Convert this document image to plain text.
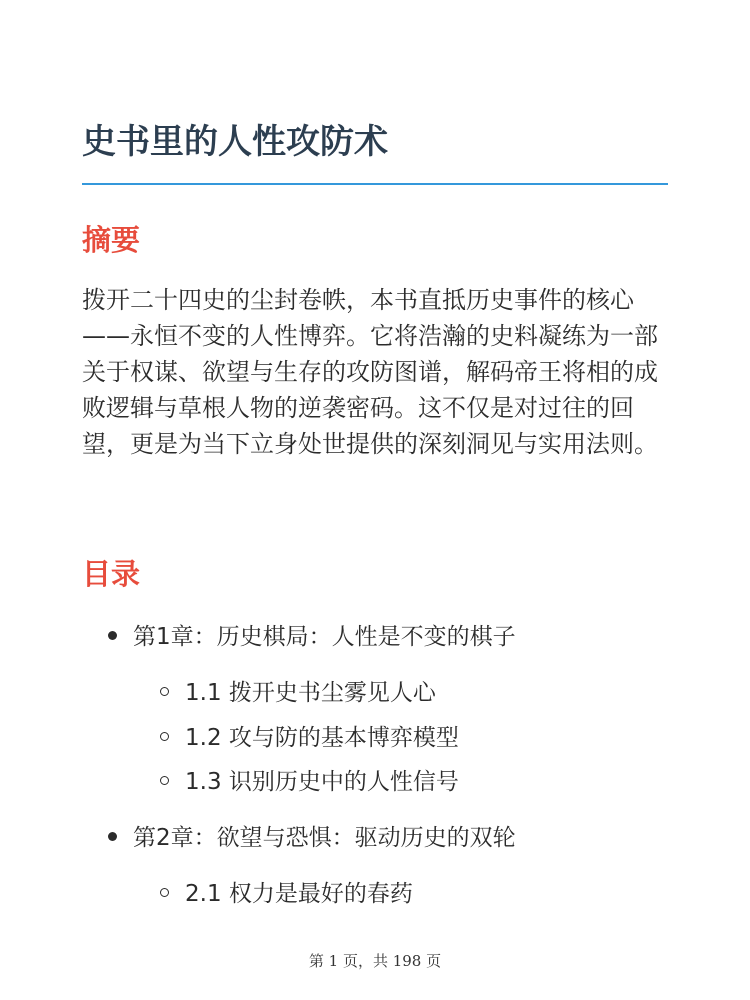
史书里的人性攻防术
摘要

拨开二十四史的尘封卷帙，本书直抵历史事件的核心——永恒不变的人性博弈。它将浩瀚的史料凝练为一部关于权谋、欲望与生存的攻防图谱，解码帝王将相的成败逻辑与草根人物的逆袭密码。这不仅是对过往的回望，更是为当下立身处世提供的深刻洞见与实用法则。

目录
第1章：历史棋局：人性是不变的棋子
1.1 拨开史书尘雾见人心
1.2 攻与防的基本博弈模型
1.3 识别历史中的人性信号
第2章：欲望与恐惧：驱动历史的双轮
2.1 权力是最好的春药
第 1 页，共 198 页
